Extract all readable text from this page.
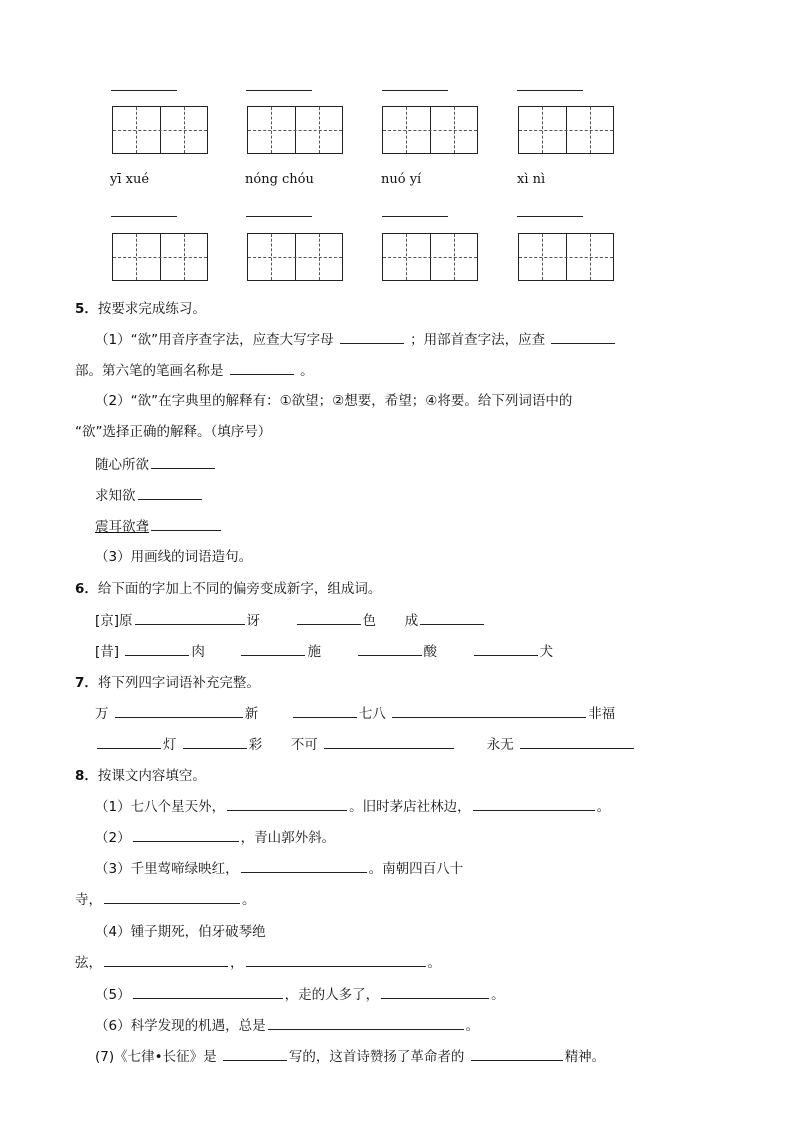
yī xué	nóng chóu	nuó yí	xì nì
5．按要求完成练习。
（1）“欲”用音序查字法，应查大写字母	；用部首查字法，应查
部。第六笔的笔画名称是	。
（2）“欲”在字典里的解释有：①欲望；②想要，希望；④将要。给下列词语中的
“欲”选择正确的解释。（填序号）
随心所欲
求知欲
震耳欲聋
（3）用画线的词语造句。
6．给下面的字加上不同的偏旁变成新字，组成词。
[京]原	讶	色 成
[昔]	肉	施	酸	犬
7．将下列四字词语补充完整。
万	新	七八	非福
灯	彩 不可	永无
8．按课文内容填空。
（1）七八个星天外，	。旧时茅店社林边，	。
（2）	，青山郭外斜。
（3）千里莺啼绿映红，	。南朝四百八十
寺，	。
（4）锺子期死，伯牙破琴绝
弦，	，	。
（5）	，走的人多了，	。
（6）科学发现的机遇，总是	。
(7)《七律•长征》是	写的，这首诗赞扬了革命者的	精神。
